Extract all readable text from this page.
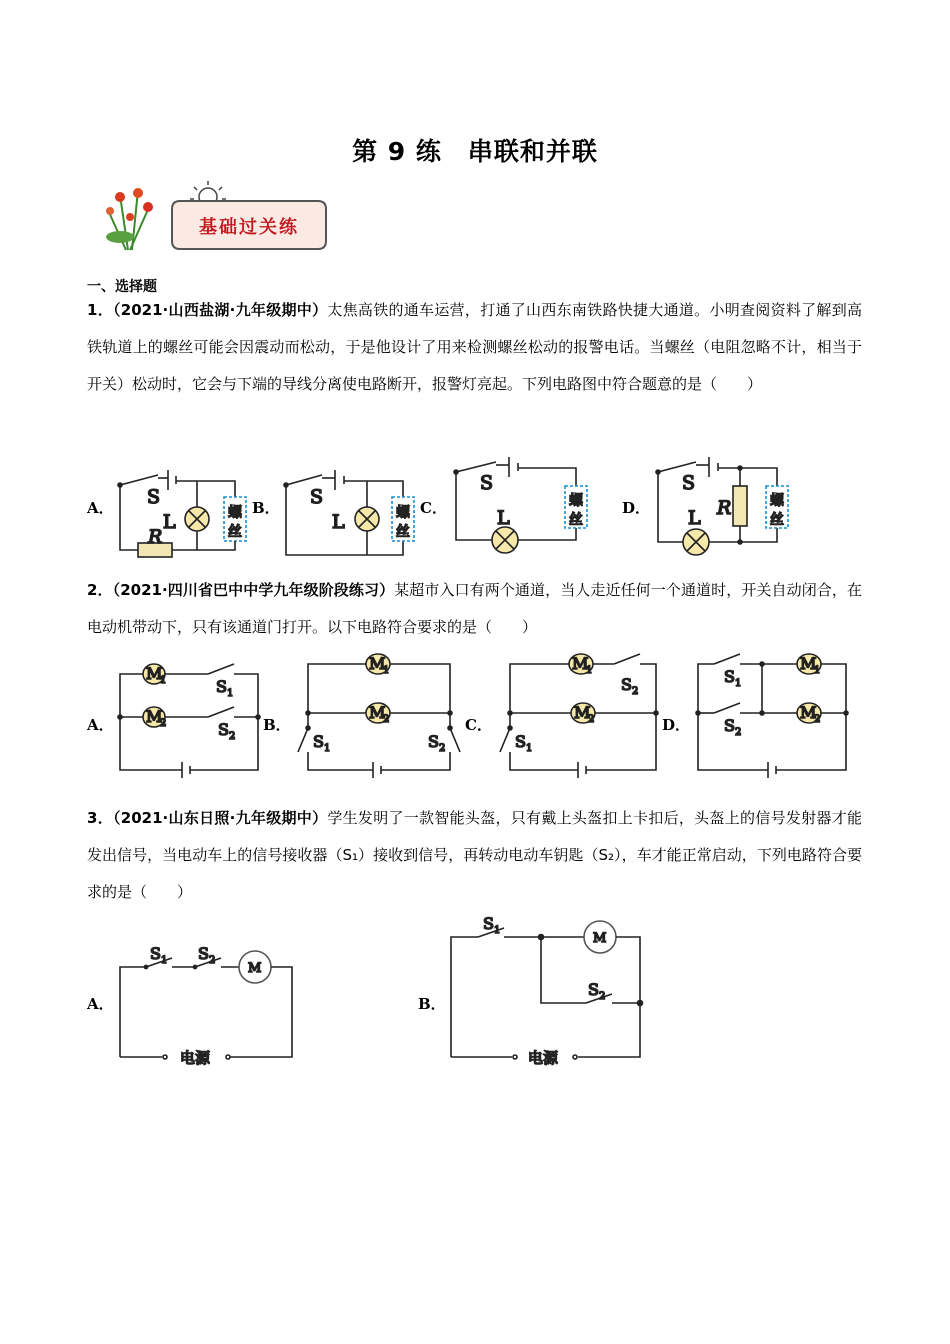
第 9 练　串联和并联
基础过关练
一、选择题
1．（2021·山西盐湖·九年级期中）太焦高铁的通车运营，打通了山西东南铁路快捷大通道。小明查阅资料了解到高铁轨道上的螺丝可能会因震动而松动，于是他设计了用来检测螺丝松动的报警电话。当螺丝（电阻忽略不计，相当于开关）松动时，它会与下端的导线分离使电路断开，报警灯亮起。下列电路图中符合题意的是（　　）
2．（2021·四川省巴中中学九年级阶段练习）某超市入口有两个通道，当人走近任何一个通道时，开关自动闭合，在电动机带动下，只有该通道门打开。以下电路符合要求的是（　　）
3．（2021·山东日照·九年级期中）学生发明了一款智能头盔，只有戴上头盔扣上卡扣后，头盔上的信号发射器才能发出信号，当电动车上的信号接收器（S₁）接收到信号，再转动电动车钥匙（S₂），车才能正常启动，下列电路符合要求的是（　　）
A．	B．	C．	D．
A．	B．	C．	D．
A．	B．
S
L
R
螺
丝
S
L	螺
丝
S
L
螺
丝
S
L R	螺
丝
M
1
M
2
S 1
S 2
M
1
M
2
S 1	S 2
M
1
M
2
S 2
S 1
M
1
M
2
S 1
S 2
S 1 S 2
M
电源
S 1
M
S 2
电源
